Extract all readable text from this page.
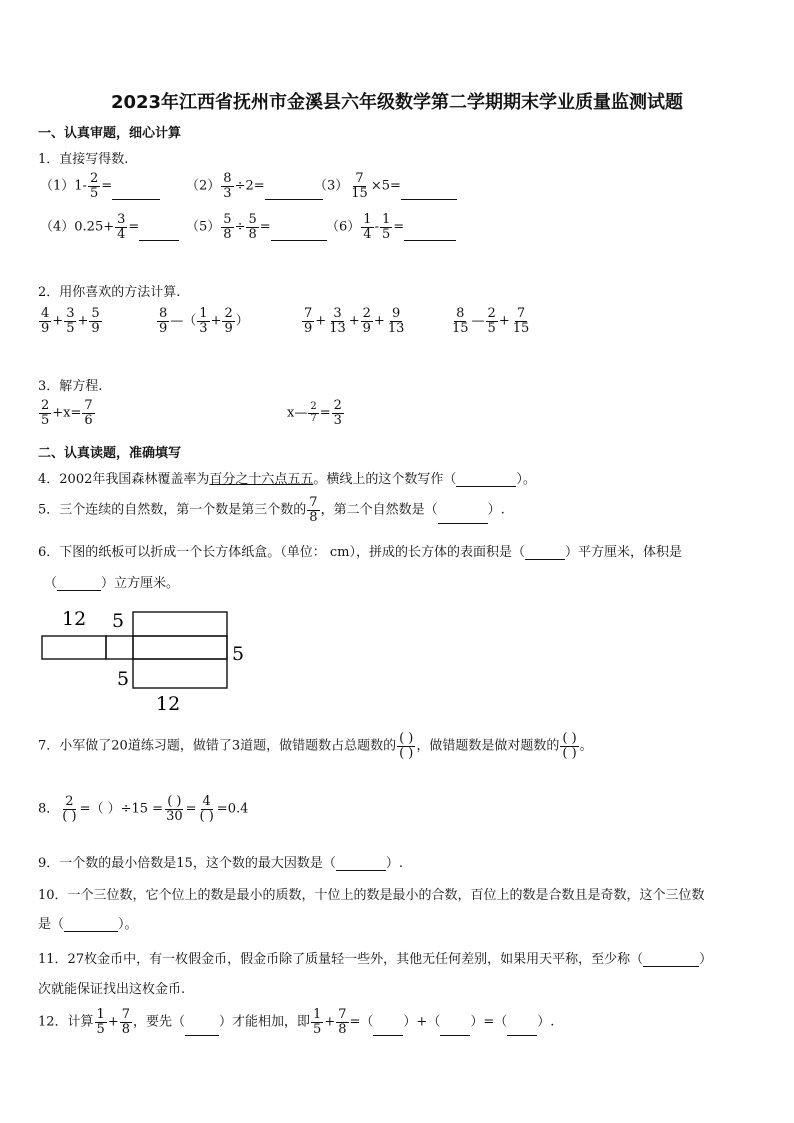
2023年江西省抚州市金溪县六年级数学第二学期期末学业质量监测试题
一、认真审题，细心计算
1．直接写得数.
$(1)1- \frac{2}{5}$ =	$(2) \frac{8}{3} \div 2=$	$(3) \frac{7}{15} \times 5=$
$(4)0.25+ \frac{3}{4}$ =	$(5) \frac{5}{8} \div \frac{5}{8}$ =	$(6) \frac{1}{4} - \frac{1}{5}$ =
2．用你喜欢的方法计算.
$\frac{4}{9} + \frac{3}{5} + \frac{5}{9}$	$\frac{8}{9}$ —（ $\frac{1}{3} + \frac{2}{9}$ ）	$\frac{7}{9} + \frac{3}{13} + \frac{2}{9} + \frac{9}{13}$	$\frac{8}{15}$ — $\frac{2}{5} + \frac{7}{15}$
3．解方程.
$\frac{2}{5} +x= \frac{7}{6}$	x— $\frac{2}{7} = \frac{2}{3}$
二、认真读题，准确填写
4．2002年我国森林覆盖率为百分之十六点五五。横线上的这个数写作（	）。
5．三个连续的自然数，第一个数是第三个数的 $\frac{7}{8}$ ，第二个自然数是（	）.
6．下图的纸板可以折成一个长方体纸盒。（单位： cm），拼成的长方体的表面积是（	）平方厘米，体积是
（	）立方厘米。
12 5
5
5
12
7．小军做了20道练习题，做错了3道题，做错题数占总题数的 $\frac{( )}{( )}$ ，做错题数是做对题数的 $\frac{( )}{( )}$ 。
8． $\frac{2}{( )}$ =（ ）$\div 15 = \frac{( )}{30} = \frac{4}{( )} =0.4$
9．一个数的最小倍数是15，这个数的最大因数是（	）.
10．一个三位数，它个位上的数是最小的质数，十位上的数是最小的合数，百位上的数是合数且是奇数，这个三位数
是（	）。
11．27枚金币中，有一枚假金币，假金币除了质量轻一些外，其他无任何差别，如果用天平称，至少称（	）
次就能保证找出这枚金币.
12．计算 $\frac{1}{5} + \frac{7}{8}$ ，要先（	）才能相加，即 $\frac{1}{5} + \frac{7}{8}$ =（ ）+（ ）=（ ）.
